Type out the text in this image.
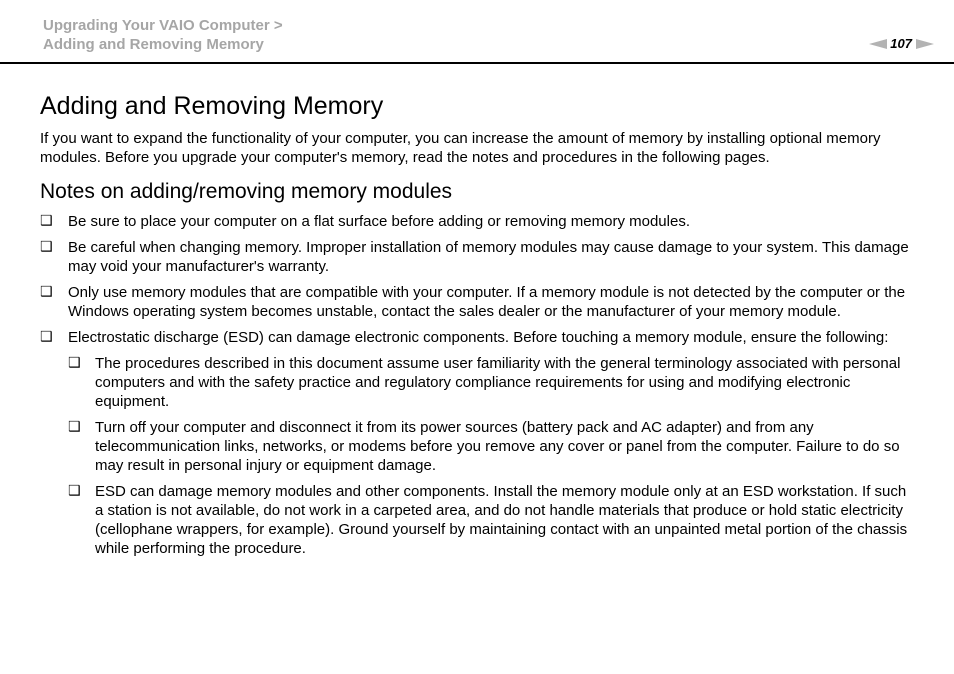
Upgrading Your VAIO Computer >
Adding and Removing Memory	107
Adding and Removing Memory

If you want to expand the functionality of your computer, you can increase the amount of memory by installing optional memory modules. Before you upgrade your computer's memory, read the notes and procedures in the following pages.

Notes on adding/removing memory modules
❑ Be sure to place your computer on a flat surface before adding or removing memory modules.
❑ Be careful when changing memory. Improper installation of memory modules may cause damage to your system. This damage may void your manufacturer's warranty.
❑ Only use memory modules that are compatible with your computer. If a memory module is not detected by the computer or the Windows operating system becomes unstable, contact the sales dealer or the manufacturer of your memory module.
❑ Electrostatic discharge (ESD) can damage electronic components. Before touching a memory module, ensure the following:
❑ The procedures described in this document assume user familiarity with the general terminology associated with personal computers and with the safety practice and regulatory compliance requirements for using and modifying electronic equipment.
❑ Turn off your computer and disconnect it from its power sources (battery pack and AC adapter) and from any telecommunication links, networks, or modems before you remove any cover or panel from the computer. Failure to do so may result in personal injury or equipment damage.
❑ ESD can damage memory modules and other components. Install the memory module only at an ESD workstation. If such a station is not available, do not work in a carpeted area, and do not handle materials that produce or hold static electricity (cellophane wrappers, for example). Ground yourself by maintaining contact with an unpainted metal portion of the chassis while performing the procedure.
